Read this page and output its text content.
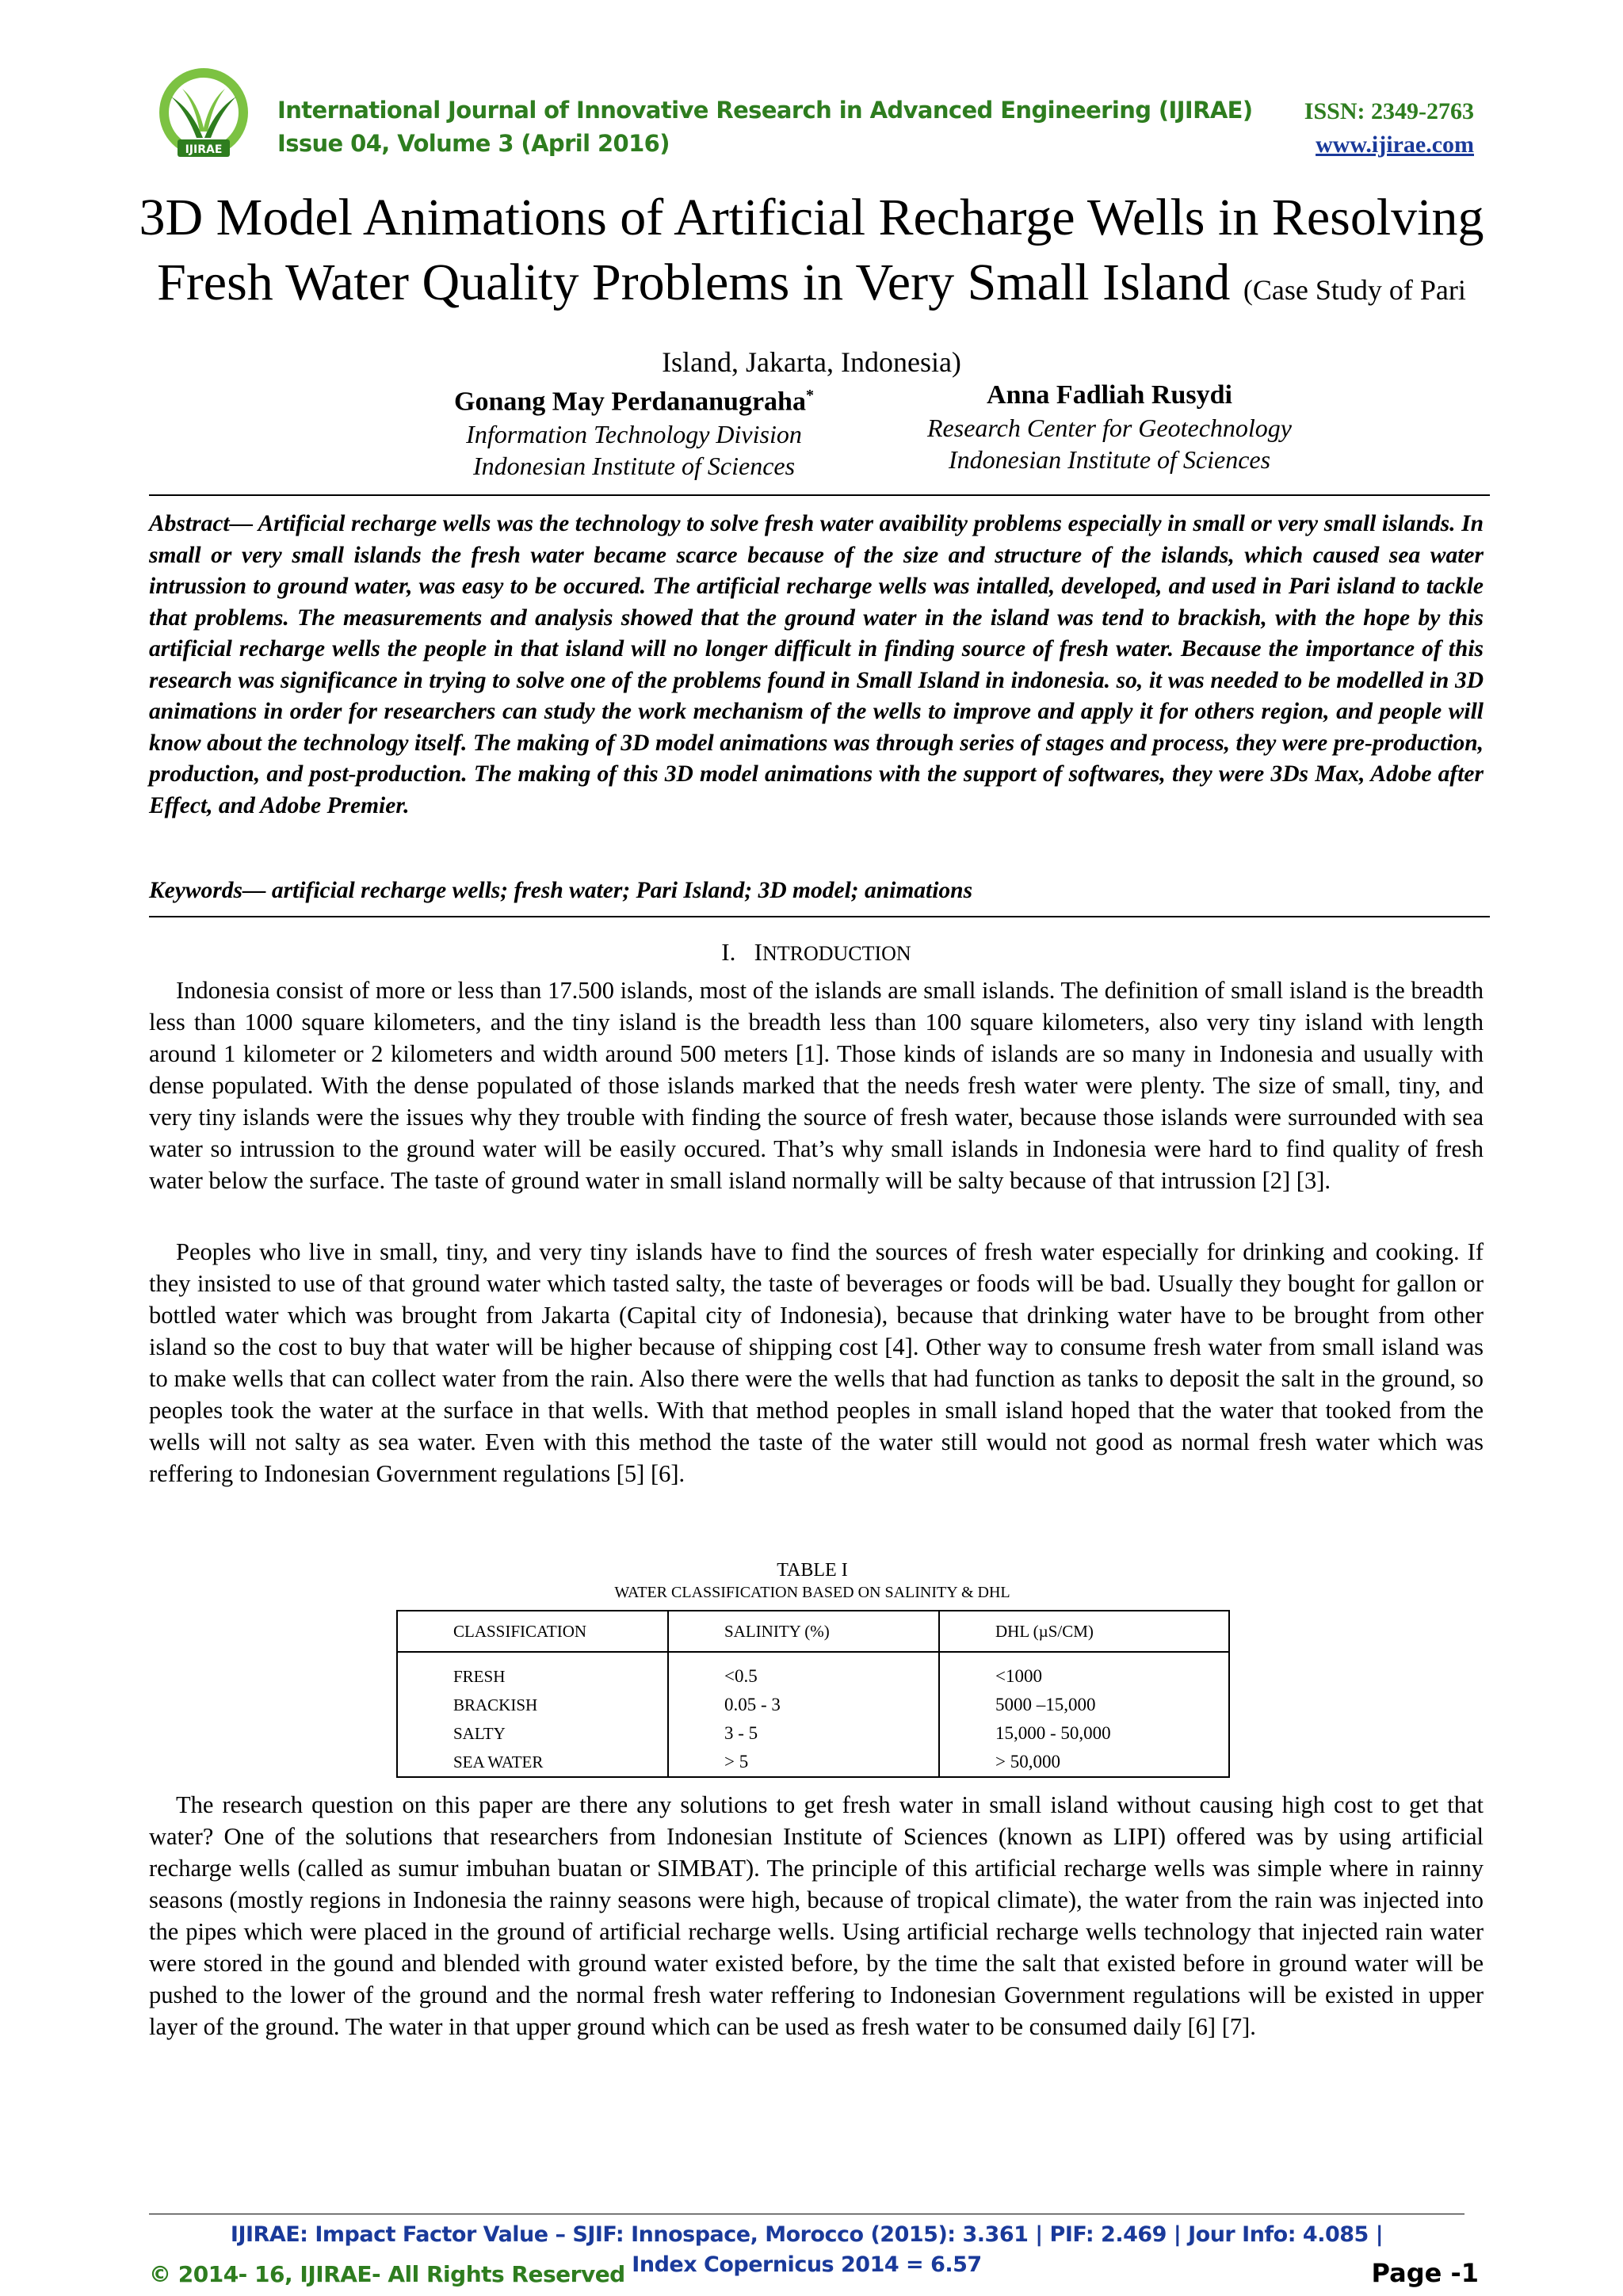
IJIRAE
International Journal of Innovative Research in Advanced Engineering (IJIRAE)
Issue 04, Volume 3 (April 2016)
ISSN: 2349-2763
www.ijirae.com
3D Model Animations of Artificial Recharge Wells in Resolving Fresh Water Quality Problems in Very Small Island (Case Study of Pari Island, Jakarta, Indonesia)
Gonang May Perdananugraha*
Information Technology Division
Indonesian Institute of Sciences
Anna Fadliah Rusydi
Research Center for Geotechnology
Indonesian Institute of Sciences
Abstract— Artificial recharge wells was the technology to solve fresh water avaibility problems especially in small or very small islands. In small or very small islands the fresh water became scarce because of the size and structure of the islands, which caused sea water intrussion to ground water, was easy to be occured. The artificial recharge wells was intalled, developed, and used in Pari island to tackle that problems. The measurements and analysis showed that the ground water in the island was tend to brackish, with the hope by this artificial recharge wells the people in that island will no longer difficult in finding source of fresh water. Because the importance of this research was significance in trying to solve one of the problems found in Small Island in indonesia. so, it was needed to be modelled in 3D animations in order for researchers can study the work mechanism of the wells to improve and apply it for others region, and people will know about the technology itself. The making of 3D model animations was through series of stages and process, they were pre-production, production, and post-production. The making of this 3D model animations with the support of softwares, they were 3Ds Max, Adobe after Effect, and Adobe Premier.
Keywords— artificial recharge wells; fresh water; Pari Island; 3D model; animations
I. INTRODUCTION
Indonesia consist of more or less than 17.500 islands, most of the islands are small islands. The definition of small island is the breadth less than 1000 square kilometers, and the tiny island is the breadth less than 100 square kilometers, also very tiny island with length around 1 kilometer or 2 kilometers and width around 500 meters [1]. Those kinds of islands are so many in Indonesia and usually with dense populated. With the dense populated of those islands marked that the needs fresh water were plenty. The size of small, tiny, and very tiny islands were the issues why they trouble with finding the source of fresh water, because those islands were surrounded with sea water so intrussion to the ground water will be easily occured. That’s why small islands in Indonesia were hard to find quality of fresh water below the surface. The taste of ground water in small island normally will be salty because of that intrussion [2] [3].
Peoples who live in small, tiny, and very tiny islands have to find the sources of fresh water especially for drinking and cooking. If they insisted to use of that ground water which tasted salty, the taste of beverages or foods will be bad. Usually they bought for gallon or bottled water which was brought from Jakarta (Capital city of Indonesia), because that drinking water have to be brought from other island so the cost to buy that water will be higher because of shipping cost [4]. Other way to consume fresh water from small island was to make wells that can collect water from the rain. Also there were the wells that had function as tanks to deposit the salt in the ground, so peoples took the water at the surface in that wells. With that method peoples in small island hoped that the water that tooked from the wells will not salty as sea water. Even with this method the taste of the water still would not good as normal fresh water which was reffering to Indonesian Government regulations [5] [6].
TABLE I
WATER CLASSIFICATION BASED ON SALINITY & DHL
CLASSIFICATION	SALINITY (%)	DHL (µS/CM)
FRESH	<0.5	<1000
BRACKISH	0.05 - 3	5000 –15,000
SALTY	3 - 5	15,000 - 50,000
SEA WATER	> 5	> 50,000
The research question on this paper are there any solutions to get fresh water in small island without causing high cost to get that water? One of the solutions that researchers from Indonesian Institute of Sciences (known as LIPI) offered was by using artificial recharge wells (called as sumur imbuhan buatan or SIMBAT). The principle of this artificial recharge wells was simple where in rainny seasons (mostly regions in Indonesia the rainny seasons were high, because of tropical climate), the water from the rain was injected into the pipes which were placed in the ground of artificial recharge wells. Using artificial recharge wells technology that injected rain water were stored in the gound and blended with ground water existed before, by the time the salt that existed before in ground water will be pushed to the lower of the ground and the normal fresh water reffering to Indonesian Government regulations will be existed in upper layer of the ground. The water in that upper ground which can be used as fresh water to be consumed daily [6] [7].
IJIRAE: Impact Factor Value – SJIF: Innospace, Morocco (2015): 3.361 | PIF: 2.469 | Jour Info: 4.085 |
Index Copernicus 2014 = 6.57
© 2014- 16, IJIRAE- All Rights Reserved	Page -1
